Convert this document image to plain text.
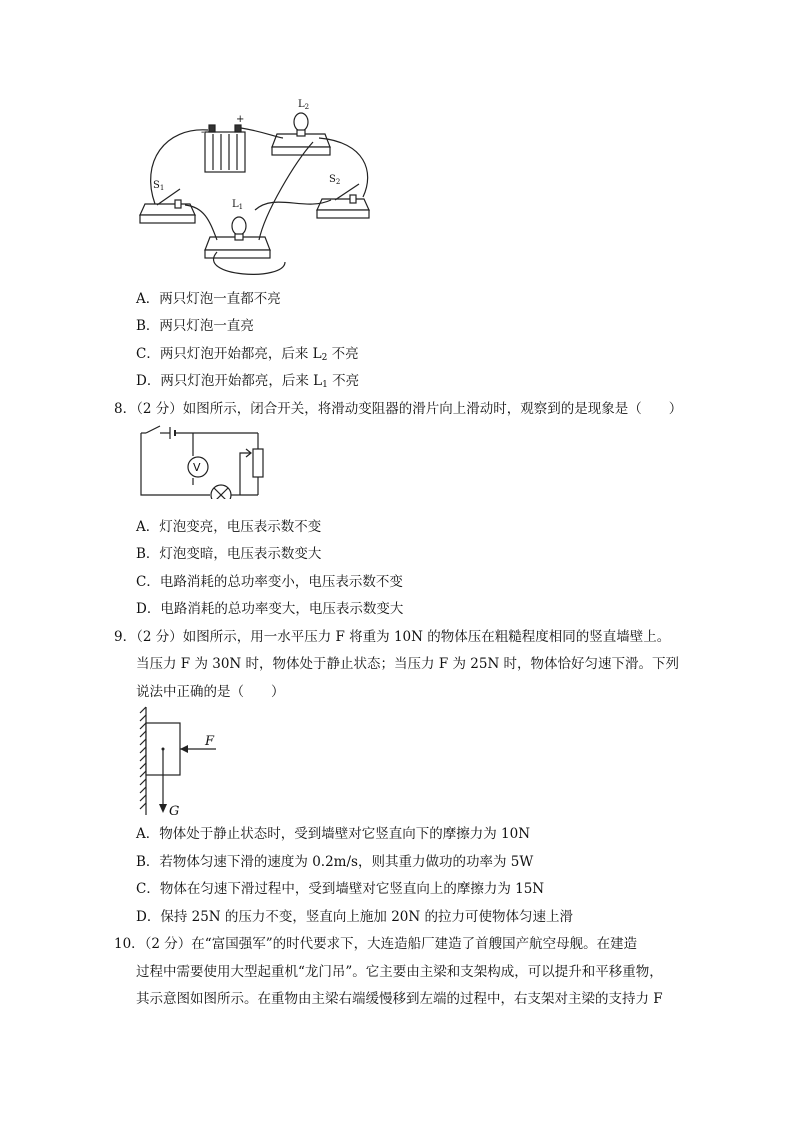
$L_2$
$L_1$
$S_1$
$S_2$
-
+
A．两只灯泡一直都不亮
B．两只灯泡一直亮
C．两只灯泡开始都亮，后来 $L_2$ 不亮
D．两只灯泡开始都亮，后来 $L_1$ 不亮
8．（2 分）如图所示，闭合开关，将滑动变阻器的滑片向上滑动时，观察到的是现象是（　　）
V
A．灯泡变亮，电压表示数不变
B．灯泡变暗，电压表示数变大
C．电路消耗的总功率变小，电压表示数不变
D．电路消耗的总功率变大，电压表示数变大
9．（2 分）如图所示，用一水平压力 F 将重为 10N 的物体压在粗糙程度相同的竖直墙壁上。
当压力 F 为 30N 时，物体处于静止状态；当压力 F 为 25N 时，物体恰好匀速下滑。下列
说法中正确的是（　　）
F
G
A．物体处于静止状态时，受到墙壁对它竖直向下的摩擦力为 10N
B．若物体匀速下滑的速度为 0.2m/s，则其重力做功的功率为 5W
C．物体在匀速下滑过程中，受到墙壁对它竖直向上的摩擦力为 15N
D．保持 25N 的压力不变，竖直向上施加 20N 的拉力可使物体匀速上滑
10．（2 分）在“富国强军”的时代要求下，大连造船厂建造了首艘国产航空母舰。在建造
过程中需要使用大型起重机“龙门吊”。它主要由主梁和支架构成，可以提升和平移重物，
其示意图如图所示。在重物由主梁右端缓慢移到左端的过程中，右支架对主梁的支持力 F
